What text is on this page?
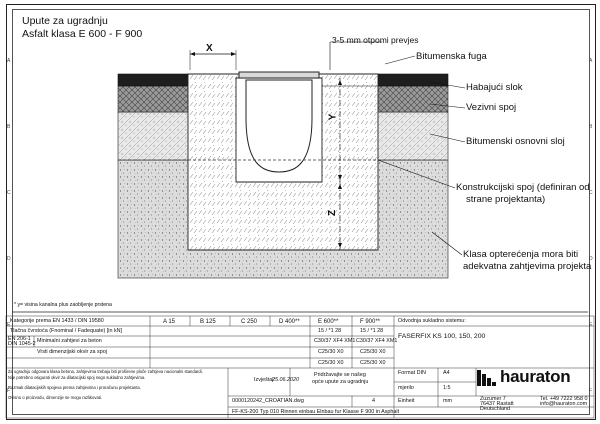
A
B
C
D
E
F
A
B
C
D
E
F
Upute za ugradnju
Asfalt klasa E 600 - F 900
X
Y
Z
3-5 mm otpomi prevjes
Bitumenska fuga
Habajući slok
Vezivni spoj
Bitumenski osnovni sloj
Konstrukcijski spoj (definiran od
strane projektanta)
Klasa opterećenja mora biti
adekvatna zahtjevima projekta
* y= visina kanalna plus zaobljenje prstena
Kategorije prema EN 1433 / DIN 19580	A 15	B 125	C 250	D 400**	E 600**	F 900**
Tlačna čvrstoća (Fnominal / Fadequate) [in kN]	15 / *1 28	15 / *1 28
EN 206-1
DIN 1045-2 Minimalni zahtjevi za beton	C30/37 XF4 XM1 C30/37 XF4 XM1
Vrsti dimenzijski okvir za spoj	C25/30 X0	C25/30 X0
C25/30 X0	C25/30 X0
Za ugradnju odgovara klasa betona, zahtjevima trebaju biti proširene ploče zahtjeva nacionalni standardi.
Nije potrebno osigurati okvir za dilatacijski spoj nego sukladno zahtjevima.
Razmak dilatacijskih spojeva prema zahtjevima i proračunu projektanta.
Ovisno o proizvodu, dimenzije se mogu razlikovati.
Odvodnja sukladno sistemu:
FASERFIX KS 100, 150, 200
0000120242_CROATIAN.dwg
Izvještaj:
25.06.2020
Pridržavajte se našeg
opće upute za ugradnju
4
Format DIN	A4
mjerilo	1:5
Einheit	mm
hauraton
Zuzumer 7
76437 Rastatt
Deutschland
Tel. +49 7222 958 0
info@hauraton.com
FF-KS-200 Typ 010 Rinnen einbau Elnbau fur Klasse F 900 in Asphalt
